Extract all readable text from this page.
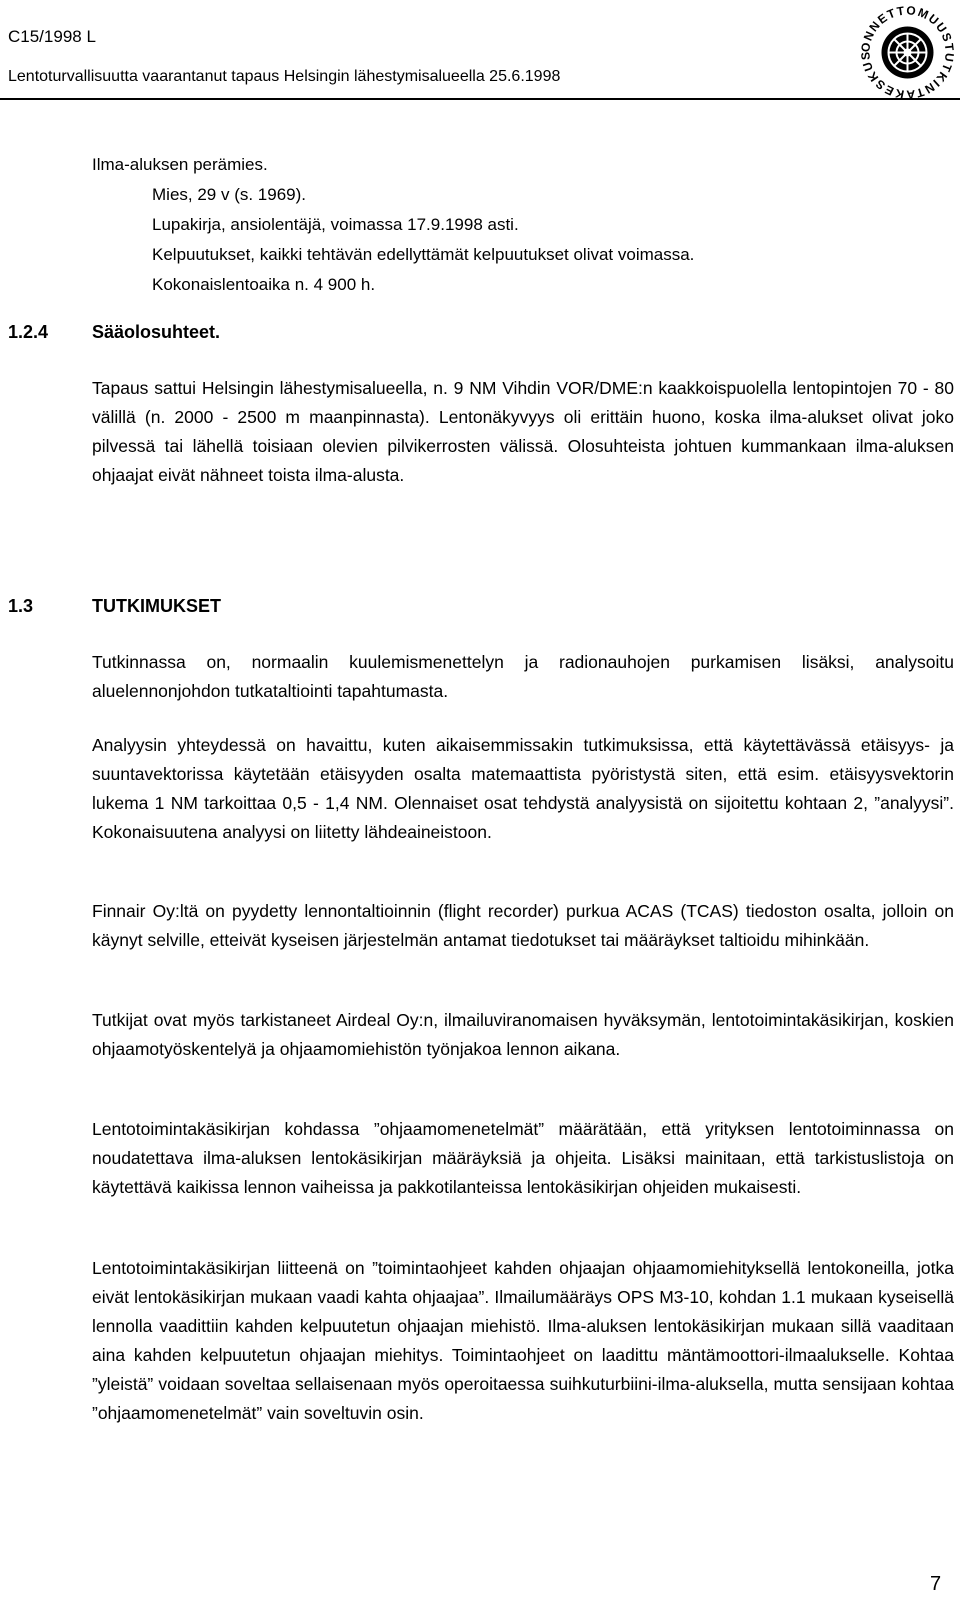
C15/1998 L
Lentoturvallisuutta vaarantanut tapaus Helsingin lähestymisalueella 25.6.1998
ONNETTOMUUSTUTKINTAKESKUS
Ilma-aluksen perämies.
Mies, 29 v (s. 1969).
Lupakirja, ansiolentäjä, voimassa 17.9.1998 asti.
Kelpuutukset, kaikki tehtävän edellyttämät kelpuutukset olivat voimassa.
Kokonaislentoaika n. 4 900 h.
1.2.4 Sääolosuhteet.

Tapaus sattui Helsingin lähestymisalueella, n. 9 NM Vihdin VOR/DME:n kaakkoispuolella lentopintojen 70 - 80 välillä (n. 2000 - 2500 m maanpinnasta). Lentonäkyvyys oli erittäin huono, koska ilma-alukset olivat joko pilvessä tai lähellä toisiaan olevien pilvikerrosten välissä. Olosuhteista johtuen kummankaan ilma-aluksen ohjaajat eivät nähneet toista ilma-alusta.

1.3	TUTKIMUKSET

Tutkinnassa on, normaalin kuulemismenettelyn ja radionauhojen purkamisen lisäksi, analysoitu aluelennonjohdon tutkataltiointi tapahtumasta.

Analyysin yhteydessä on havaittu, kuten aikaisemmissakin tutkimuksissa, että käytettävässä etäisyys- ja suuntavektorissa käytetään etäisyyden osalta matemaattista pyöristystä siten, että esim. etäisyysvektorin lukema 1 NM tarkoittaa 0,5 - 1,4 NM. Olennaiset osat tehdystä analyysistä on sijoitettu kohtaan 2, ”analyysi”. Kokonaisuutena analyysi on liitetty lähdeaineistoon.

Finnair Oy:ltä on pyydetty lennontaltioinnin (flight recorder) purkua ACAS (TCAS) tiedoston osalta, jolloin on käynyt selville, etteivät kyseisen järjestelmän antamat tiedotukset tai määräykset taltioidu mihinkään.

Tutkijat ovat myös tarkistaneet Airdeal Oy:n, ilmailuviranomaisen hyväksymän, lentotoimintakäsikirjan, koskien ohjaamotyöskentelyä ja ohjaamomiehistön työnjakoa lennon aikana.

Lentotoimintakäsikirjan kohdassa ”ohjaamomenetelmät” määrätään, että yrityksen lentotoiminnassa on noudatettava ilma-aluksen lentokäsikirjan määräyksiä ja ohjeita. Lisäksi mainitaan, että tarkistuslistoja on käytettävä kaikissa lennon vaiheissa ja pakkotilanteissa lentokäsikirjan ohjeiden mukaisesti.

Lentotoimintakäsikirjan liitteenä on ”toimintaohjeet kahden ohjaajan ohjaamomiehityksellä lentokoneilla, jotka eivät lentokäsikirjan mukaan vaadi kahta ohjaajaa”. Ilmailumääräys OPS M3-10, kohdan 1.1 mukaan kyseisellä lennolla vaadittiin kahden kelpuutetun ohjaajan miehistö. Ilma-aluksen lentokäsikirjan mukaan sillä vaaditaan aina kahden kelpuutetun ohjaajan miehitys. Toimintaohjeet on laadittu mäntämoottori-ilmaalukselle. Kohtaa ”yleistä” voidaan soveltaa sellaisenaan myös operoitaessa suihkuturbiini-ilma-aluksella, mutta sensijaan kohtaa ”ohjaamomenetelmät” vain soveltuvin osin.

7
